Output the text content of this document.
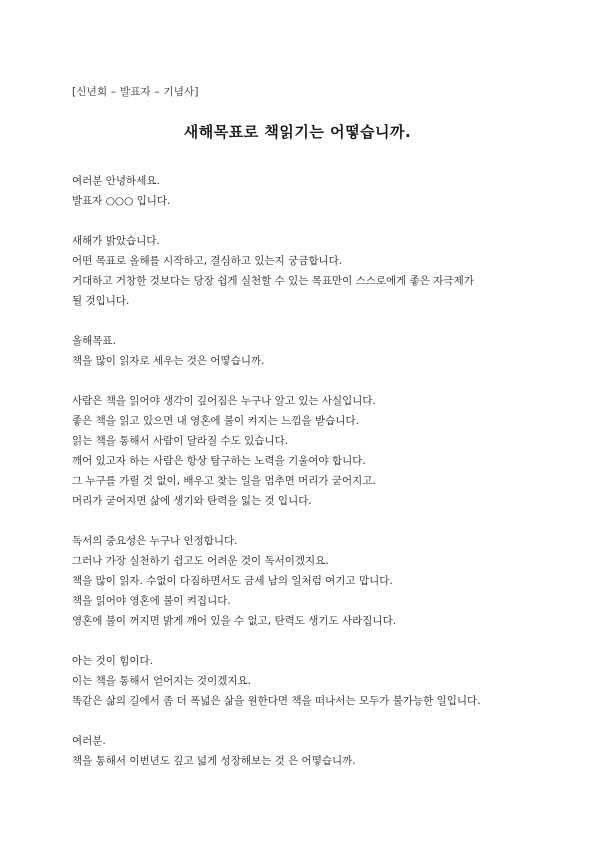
[신년회 – 발표자 – 기념사]
새해목표로 책읽기는 어떻습니까.
여러분 안녕하세요.
발표자 ○○○ 입니다.
새해가 밝았습니다.
어떤 목표로 올해를 시작하고, 결심하고 있는지 궁금합니다.
거대하고 거창한 것보다는 당장 쉽게 실천할 수 있는 목표만이 스스로에게 좋은 자극제가
될 것입니다.
올해목표.
책을 많이 읽자로 세우는 것은 어떻습니까.
사람은 책을 읽어야 생각이 깊어짐은 누구나 알고 있는 사실입니다.
좋은 책을 읽고 있으면 내 영혼에 불이 켜지는 느낌을 받습니다.
읽는 책을 통해서 사람이 달라질 수도 있습니다.
깨어 있고자 하는 사람은 항상 탐구하는 노력을 기울여야 합니다.
그 누구를 가릴 것 없이, 배우고 찾는 일을 멈추면 머리가 굳어지고.
머리가 굳어지면 삶에 생기와 탄력을 잃는 것 입니다.
독서의 중요성은 누구나 인정합니다.
그러나 가장 실천하기 쉽고도 어려운 것이 독서이겠지요.
책을 많이 읽자. 수없이 다짐하면서도 금세 남의 일처럼 여기고 맙니다.
책을 읽어야 영혼에 불이 켜집니다.
영혼에 불이 꺼지면 밝게 깨어 있을 수 없고, 탄력도 생기도 사라집니다.
아는 것이 힘이다.
이는 책을 통해서 얻어지는 것이겠지요.
똑같은 삶의 길에서 좀 더 폭넓은 삶을 원한다면 책을 떠나서는 모두가 불가능한 일입니다.
여러분.
책을 통해서 이번년도 깊고 넓게 성장해보는 것 은 어떻습니까.
